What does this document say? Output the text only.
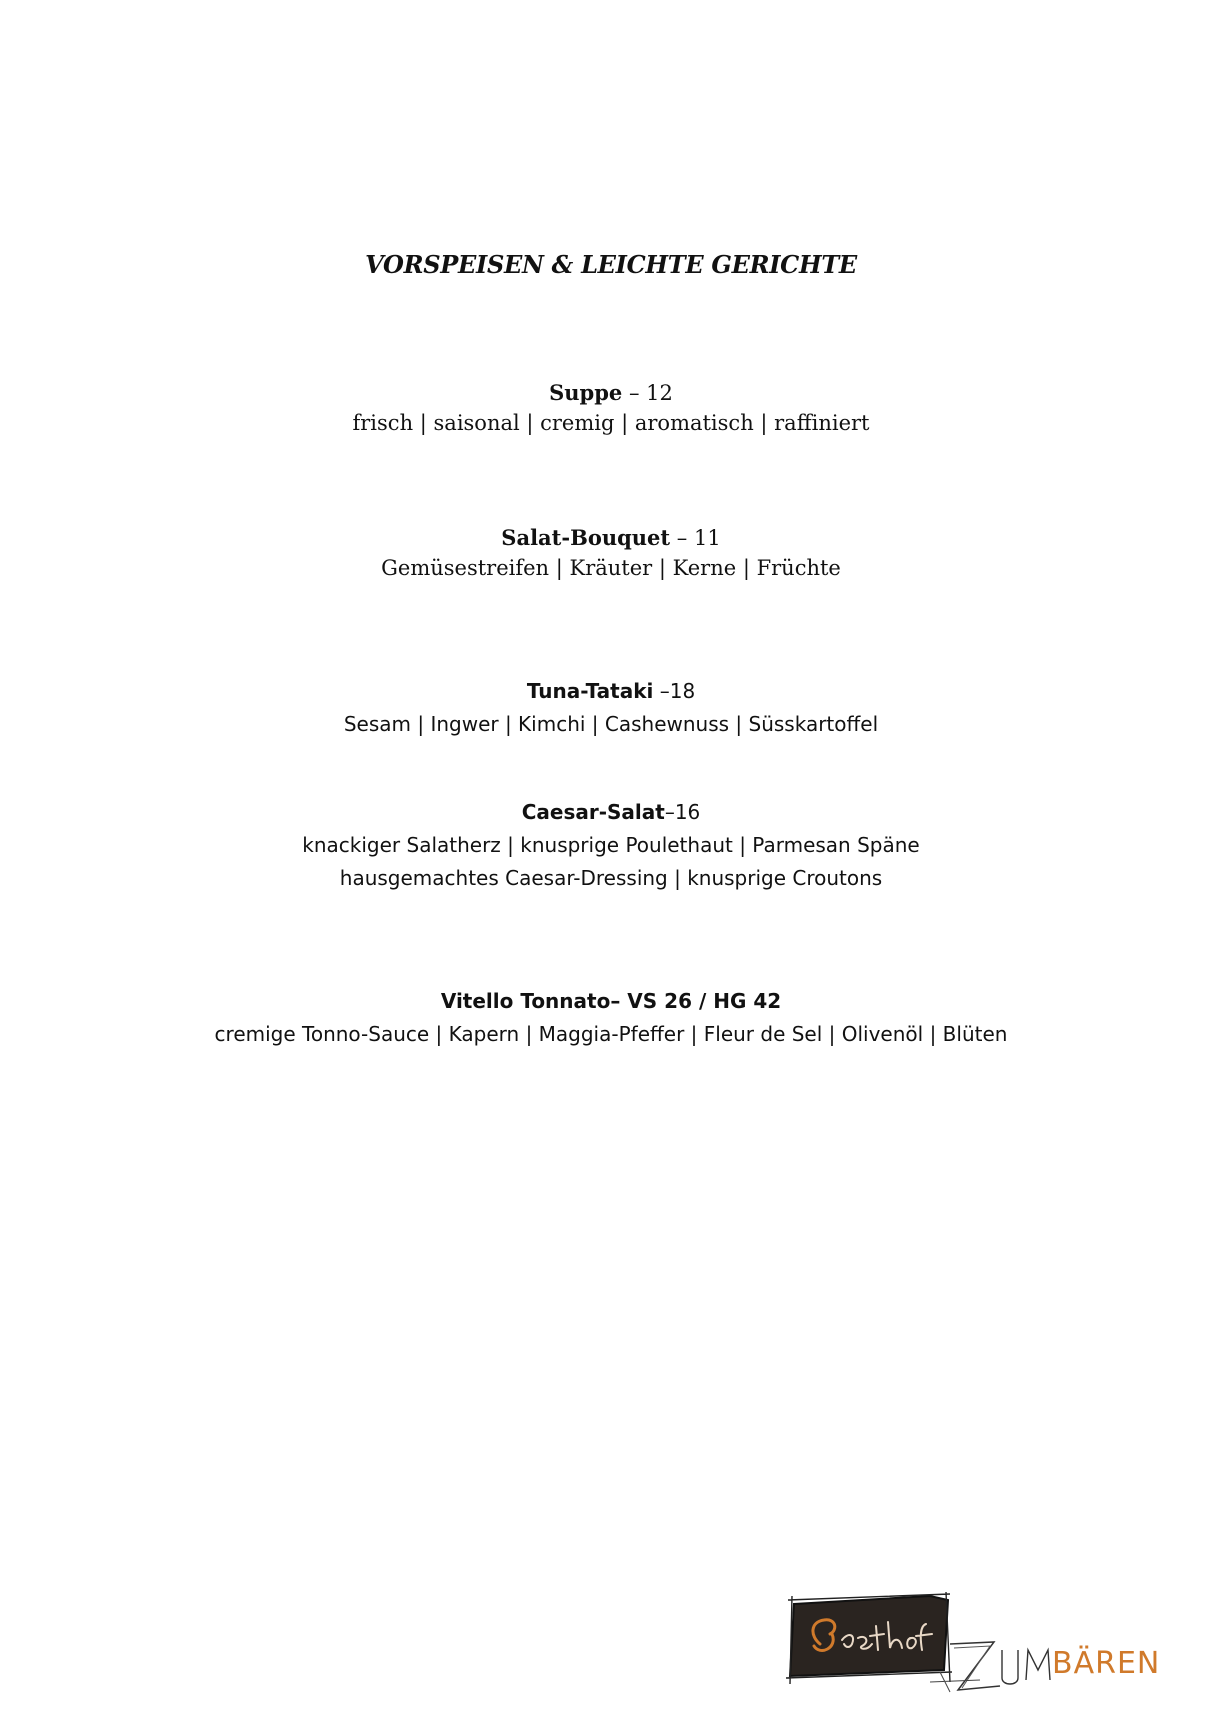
VORSPEISEN & LEICHTE GERICHTE

Suppe – 12

frisch | saisonal | cremig | aromatisch | raffiniert

Salat-Bouquet – 11

Gemüsestreifen | Kräuter | Kerne | Früchte

Tuna-Tataki –18

Sesam | Ingwer | Kimchi | Cashewnuss | Süsskartoffel

Caesar-Salat–16

knackiger Salatherz | knusprige Poulethaut | Parmesan Späne

hausgemachtes Caesar-Dressing | knusprige Croutons

Vitello Tonnato– VS 26 / HG 42

cremige Tonno-Sauce | Kapern | Maggia-Pfeffer | Fleur de Sel | Olivenöl | Blüten

BÄREN
